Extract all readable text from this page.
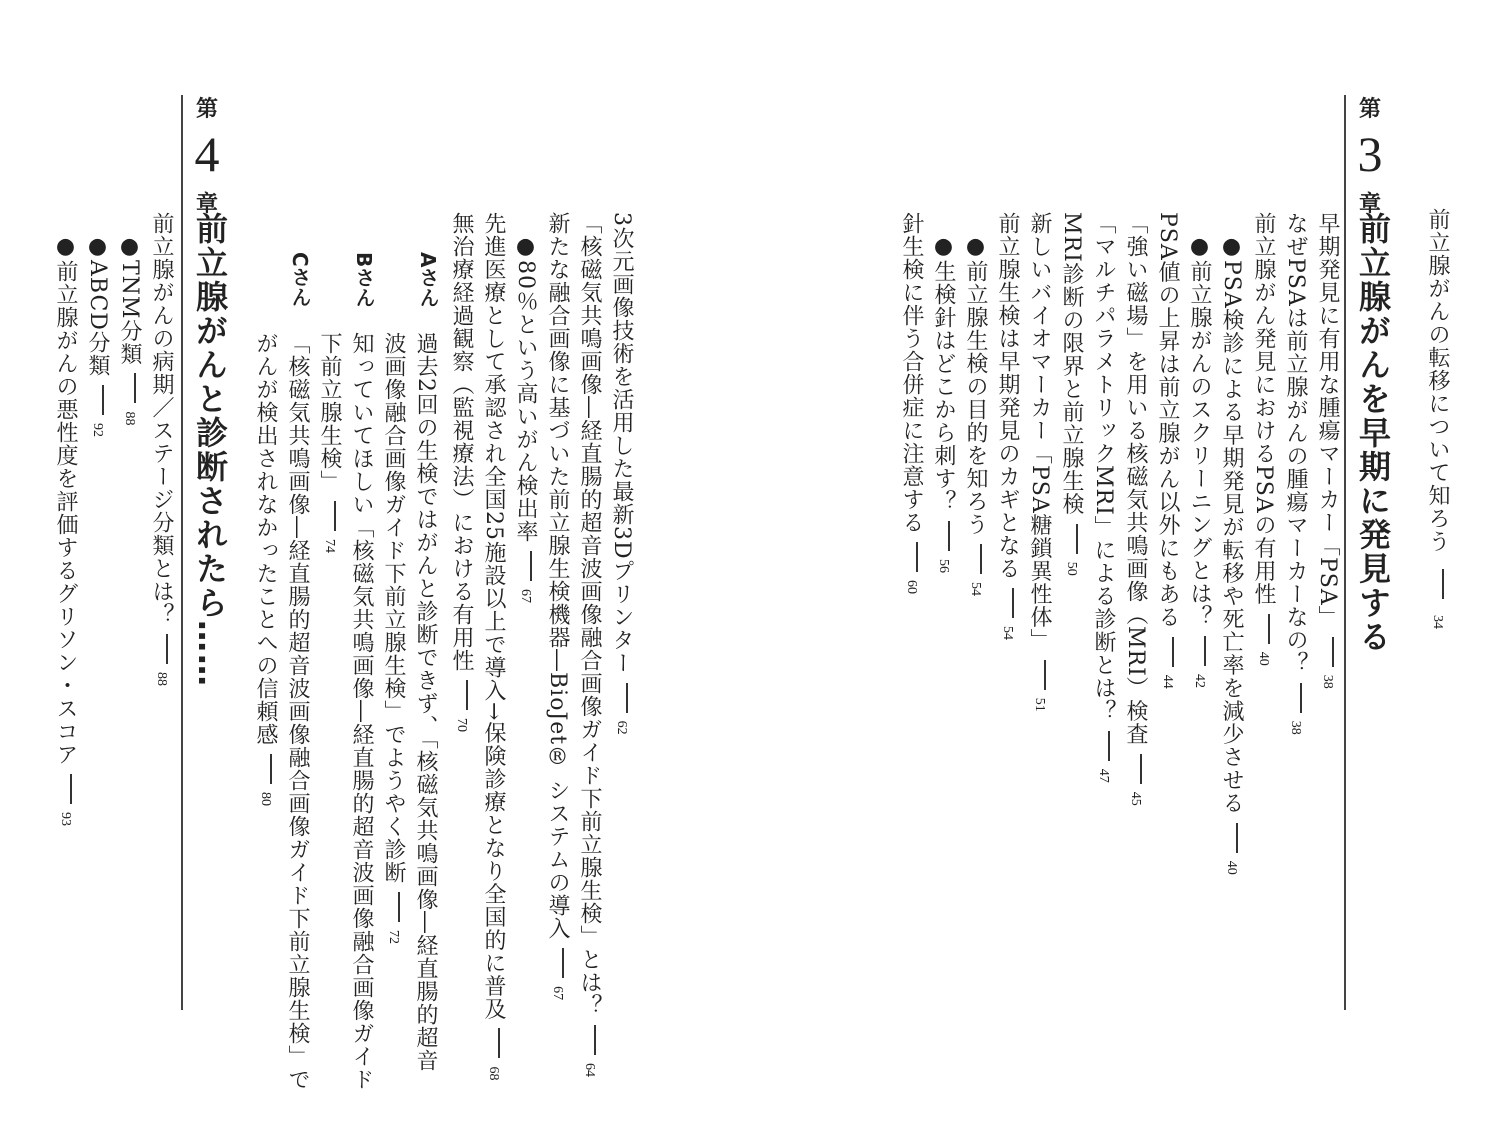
前立腺がんの転移について知ろう  34
第
3
章
前立腺がんを早期に発見する
早期発見に有用な腫瘍マーカー「PSA」38
なぜPSAは前立腺がんの腫瘍マーカーなの？38
前立腺がん発見におけるPSAの有用性40
●PSA検診による早期発見が転移や死亡率を減少させる40
●前立腺がんのスクリーニングとは？42
PSA値の上昇は前立腺がん以外にもある44
「強い磁場」を用いる核磁気共鳴画像（MRI）検査45
「マルチパラメトリックMRI」による診断とは？47
MRI診断の限界と前立腺生検50
新しいバイオマーカー「PSA糖鎖異性体」51
前立腺生検は早期発見のカギとなる54
●前立腺生検の目的を知ろう54
●生検針はどこから刺す？56
針生検に伴う合併症に注意する60
3次元画像技術を活用した最新3Dプリンター62
「核磁気共鳴画像―経直腸的超音波画像融合画像ガイド下前立腺生検」とは？64
新たな融合画像に基づいた前立腺生検機器―BioJet® システムの導入67
●80％という高いがん検出率67
先進医療として承認され全国25施設以上で導入→保険診療となり全国的に普及68
無治療経過観察（監視療法）における有用性70
Aさん
過去2回の生検ではがんと診断できず、「核磁気共鳴画像―経直腸的超音
波画像融合画像ガイド下前立腺生検」でようやく診断72
Bさん
知っていてほしい「核磁気共鳴画像―経直腸的超音波画像融合画像ガイド
下前立腺生検」74
Cさん
「核磁気共鳴画像―経直腸的超音波画像融合画像ガイド下前立腺生検」で
がんが検出されなかったことへの信頼感80
第
4
章
前立腺がんと診断されたら……
前立腺がんの病期／ステージ分類とは？88
●TNM分類88
●ABCD分類92
●前立腺がんの悪性度を評価するグリソン・スコア93
